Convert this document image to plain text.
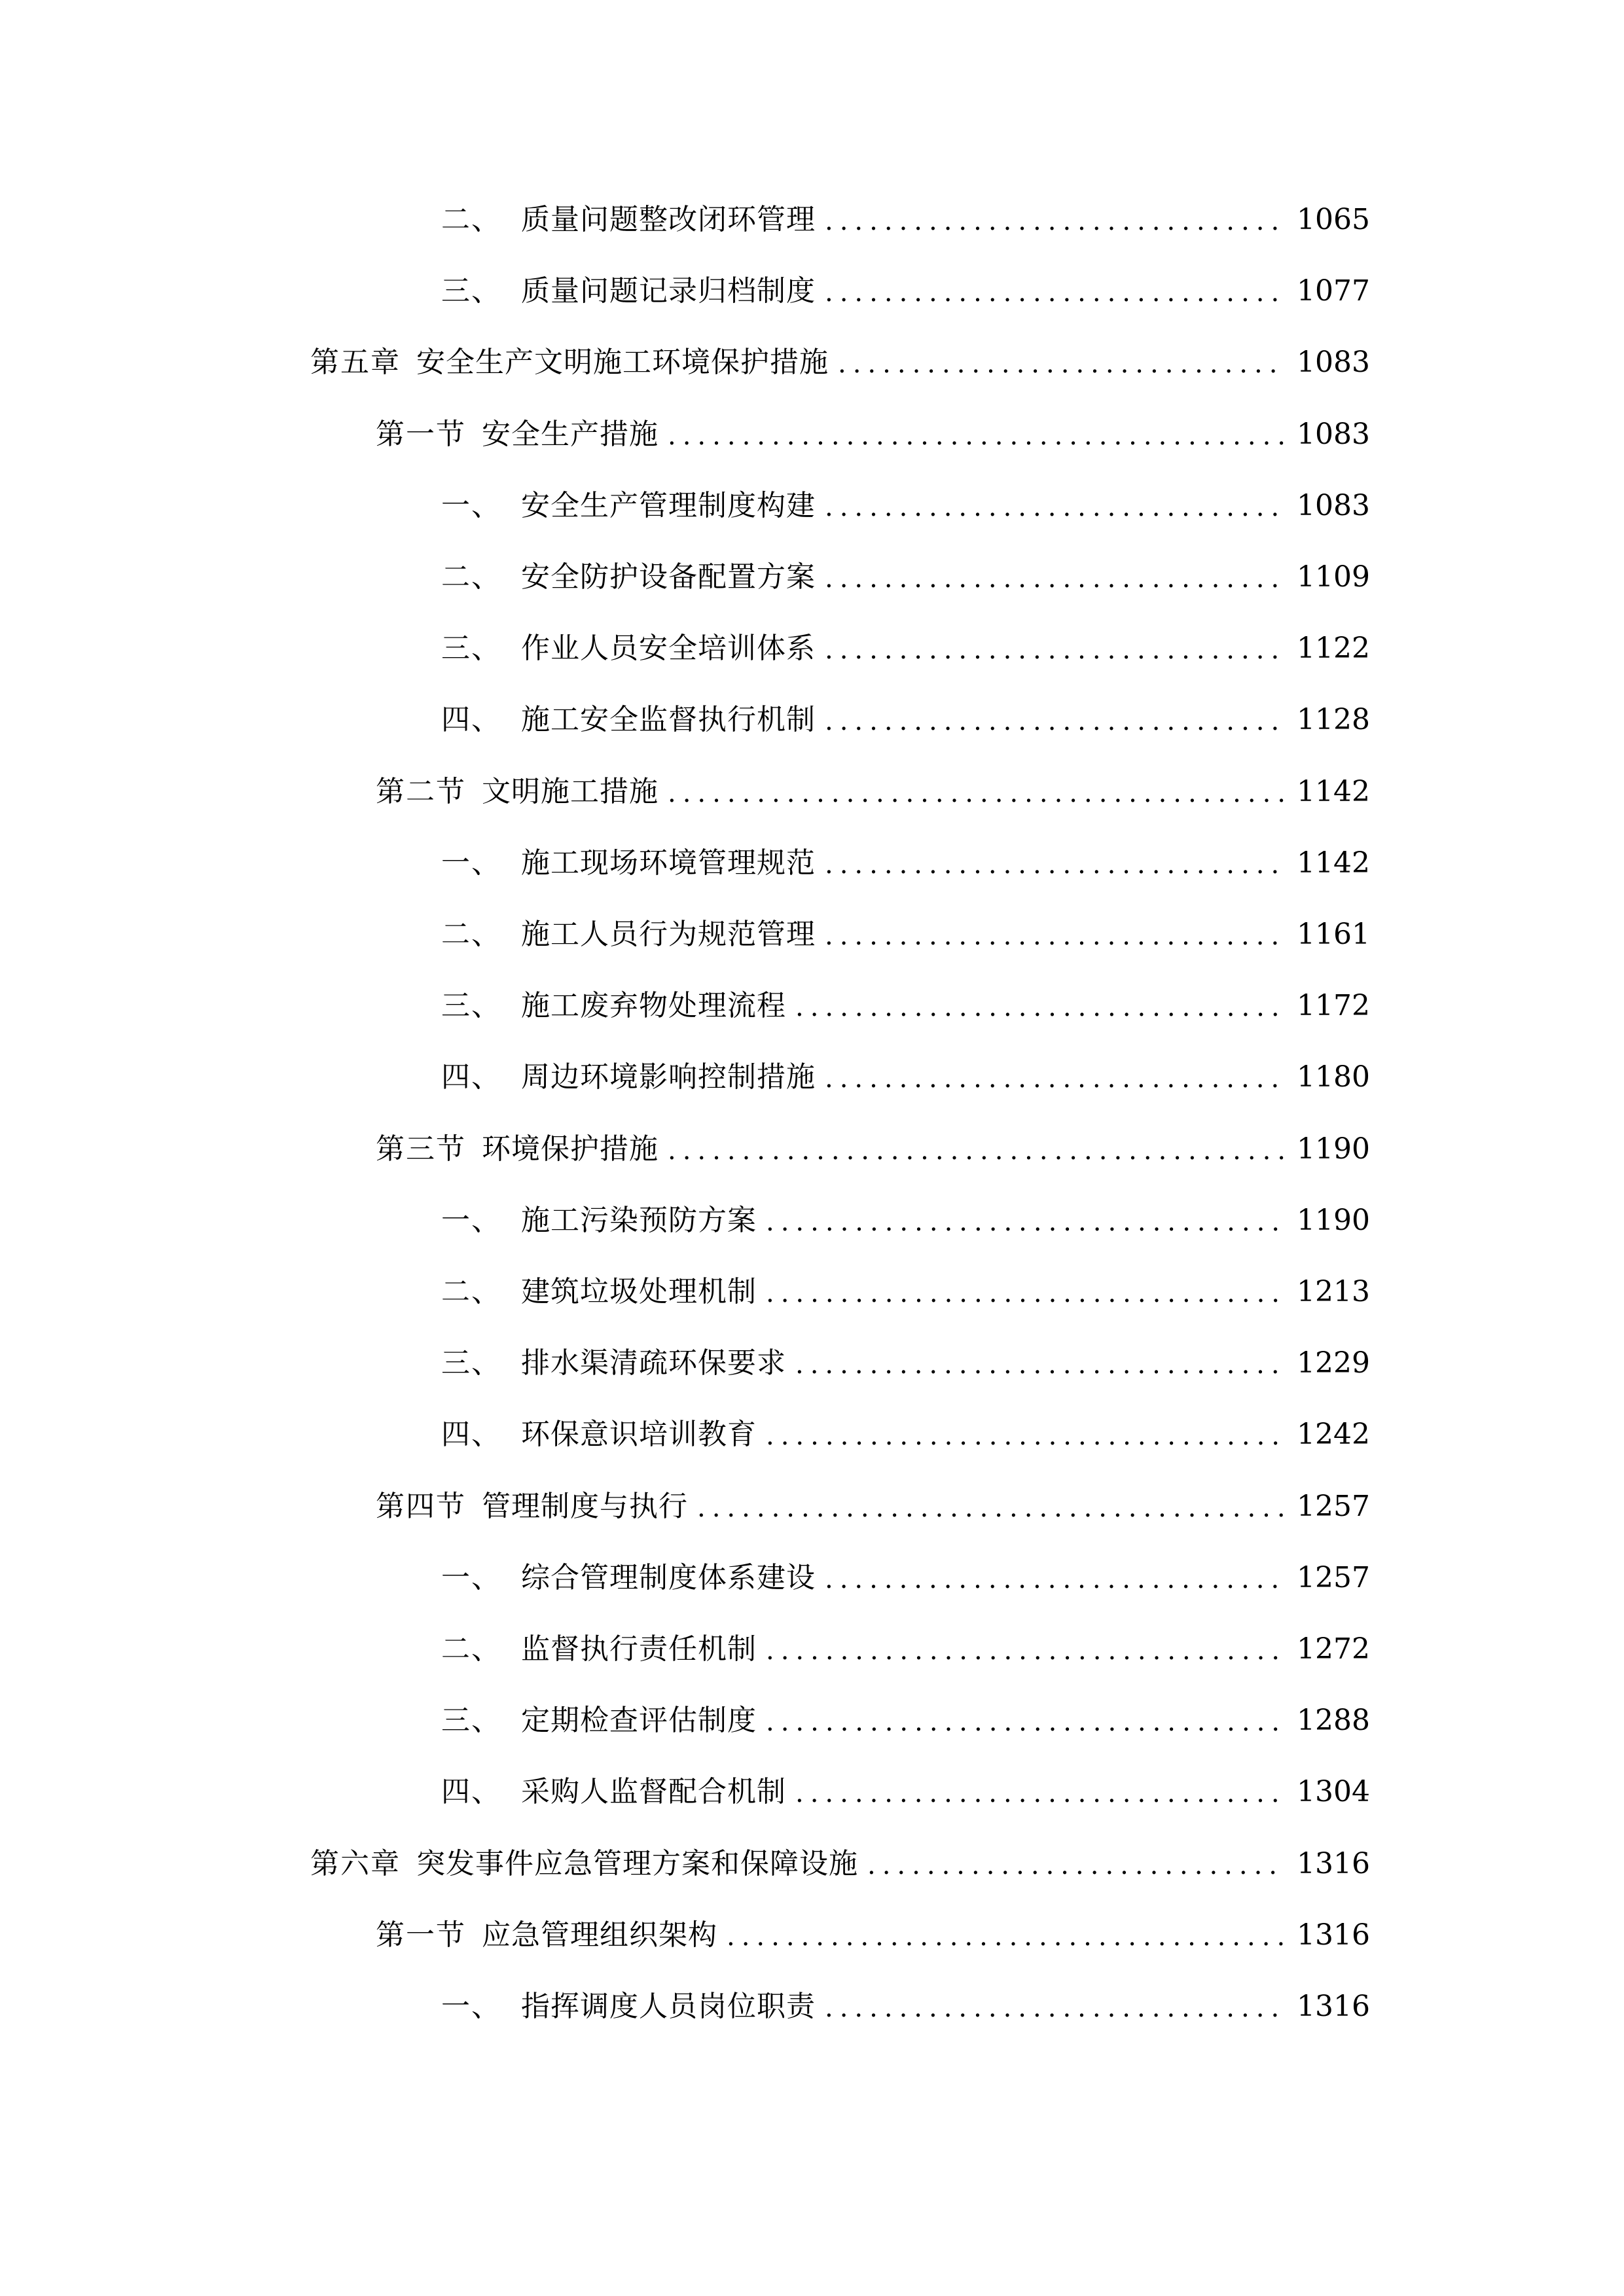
二、 质量问题整改闭环管理 .....	1065
三、 质量问题记录归档制度 .....	1077
第五章 安全生产文明施工环境保护措施 .....	1083
第一节 安全生产措施 .....	1083
一、 安全生产管理制度构建 .....	1083
二、 安全防护设备配置方案 .....	1109
三、 作业人员安全培训体系 .....	1122
四、 施工安全监督执行机制 .....	1128
第二节 文明施工措施 .....	1142
一、 施工现场环境管理规范 .....	1142
二、 施工人员行为规范管理 .....	1161
三、 施工废弃物处理流程 .....	1172
四、 周边环境影响控制措施 .....	1180
第三节 环境保护措施 .....	1190
一、 施工污染预防方案 .....	1190
二、 建筑垃圾处理机制 .....	1213
三、 排水渠清疏环保要求 .....	1229
四、 环保意识培训教育 .....	1242
第四节 管理制度与执行 .....	1257
一、 综合管理制度体系建设 .....	1257
二、 监督执行责任机制 .....	1272
三、 定期检查评估制度 .....	1288
四、 采购人监督配合机制 .....	1304
第六章 突发事件应急管理方案和保障设施 .....	1316
第一节 应急管理组织架构 .....	1316
一、 指挥调度人员岗位职责 .....	1316
